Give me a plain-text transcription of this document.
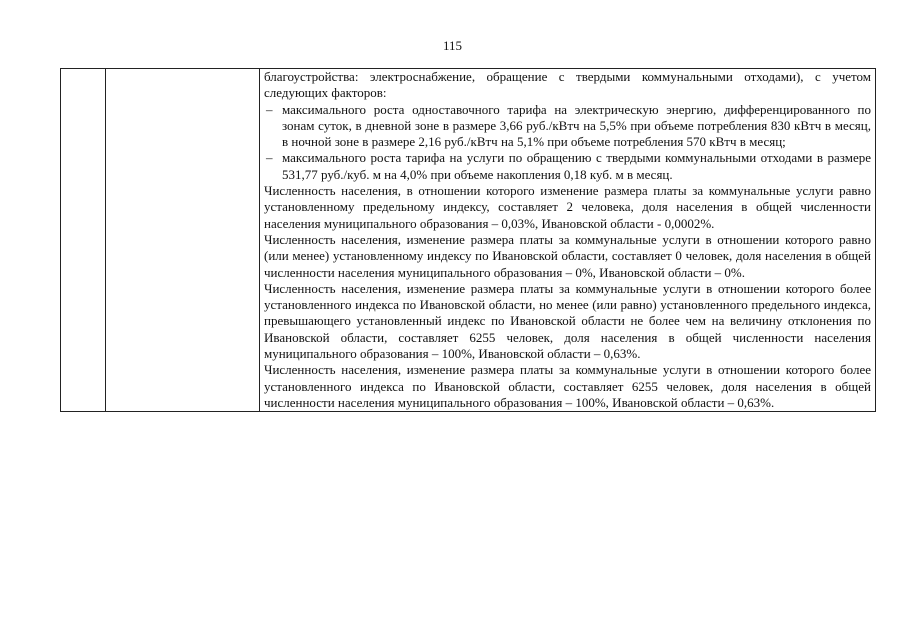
115

благоустройства: электроснабжение, обращение с твердыми коммунальными отходами), с учетом следующих факторов:

– максимального роста одноставочного тарифа на электрическую энергию, дифференцированного по зонам суток, в дневной зоне в размере 3,66 руб./кВтч на 5,5% при объеме потребления 830 кВтч в месяц, в ночной зоне в размере 2,16 руб./кВтч на 5,1% при объеме потребления 570 кВтч в месяц;
– максимального роста тарифа на услуги по обращению с твердыми коммунальными отходами в размере 531,77 руб./куб. м на 4,0% при объеме накопления 0,18 куб. м в месяц.

Численность населения, в отношении которого изменение размера платы за коммунальные услуги равно установленному предельному индексу, составляет 2 человека, доля населения в общей численности населения муниципального образования – 0,03%, Ивановской области - 0,0002%.

Численность населения, изменение размера платы за коммунальные услуги в отношении которого равно (или менее) установленному индексу по Ивановской области, составляет 0 человек, доля населения в общей численности населения муниципального образования – 0%, Ивановской области – 0%.

Численность населения, изменение размера платы за коммунальные услуги в отношении которого более установленного индекса по Ивановской области, но менее (или равно) установленного предельного индекса, превышающего установленный индекс по Ивановской области не более чем на величину отклонения по Ивановской области, составляет 6255 человек, доля населения в общей численности населения муниципального образования – 100%, Ивановской области – 0,63%.

Численность населения, изменение размера платы за коммунальные услуги в отношении которого более установленного индекса по Ивановской области, составляет 6255 человек, доля населения в общей численности населения муниципального образования – 100%, Ивановской области – 0,63%.
